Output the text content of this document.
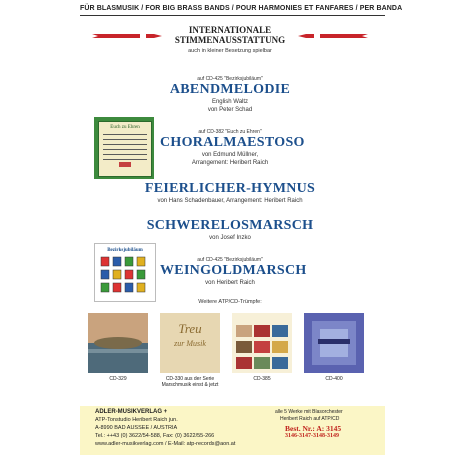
FÜR BLASMUSIK / FOR BIG BRASS BANDS / POUR HARMONIES ET FANFARES / PER BANDA
INTERNATIONALE
STIMMENAUSSTATTUNG
auch in kleiner Besetzung spielbar
auf CD-425 "Bezirksjubiläum"
ABENDMELODIE
English Waltz
von Peter Schad
Euch zu Ehren
auf CD-382 "Euch zu Ehren"
CHORALMAESTOSO
von Edmund Müllner,
Arrangement: Heribert Raich
FEIERLICHER-HYMNUS
von Hans Schadenbauer, Arrangement: Heribert Raich
SCHWERELOSMARSCH
von Josef Inzko
Bezirksjubiläum
auf CD-425 "Bezirksjubiläum"
WEINGOLDMARSCH
von Heribert Raich
Weitere ATP/CD-Trümpfe:
CD-329
Treu
zur Musik
CD-330 aus der Serie
Marschmusik einst & jetzt
CD-385	CD-400
ADLER-MUSIKVERLAG +
ATP-Tonstudio Heribert Raich jun.
A-8990 BAD AUSSEE / AUSTRIA
Tel.: ++43 (0) 3622/54-588, Fax: (0) 3622/55-266
www.adler-musikverlag.com / E-Mail: atp-records@aon.at
alle 5 Werke mit Blasorchester
Heribert Raich auf ATP/CD
Best. Nr.: A: 3145
3146-3147-3148-3149
